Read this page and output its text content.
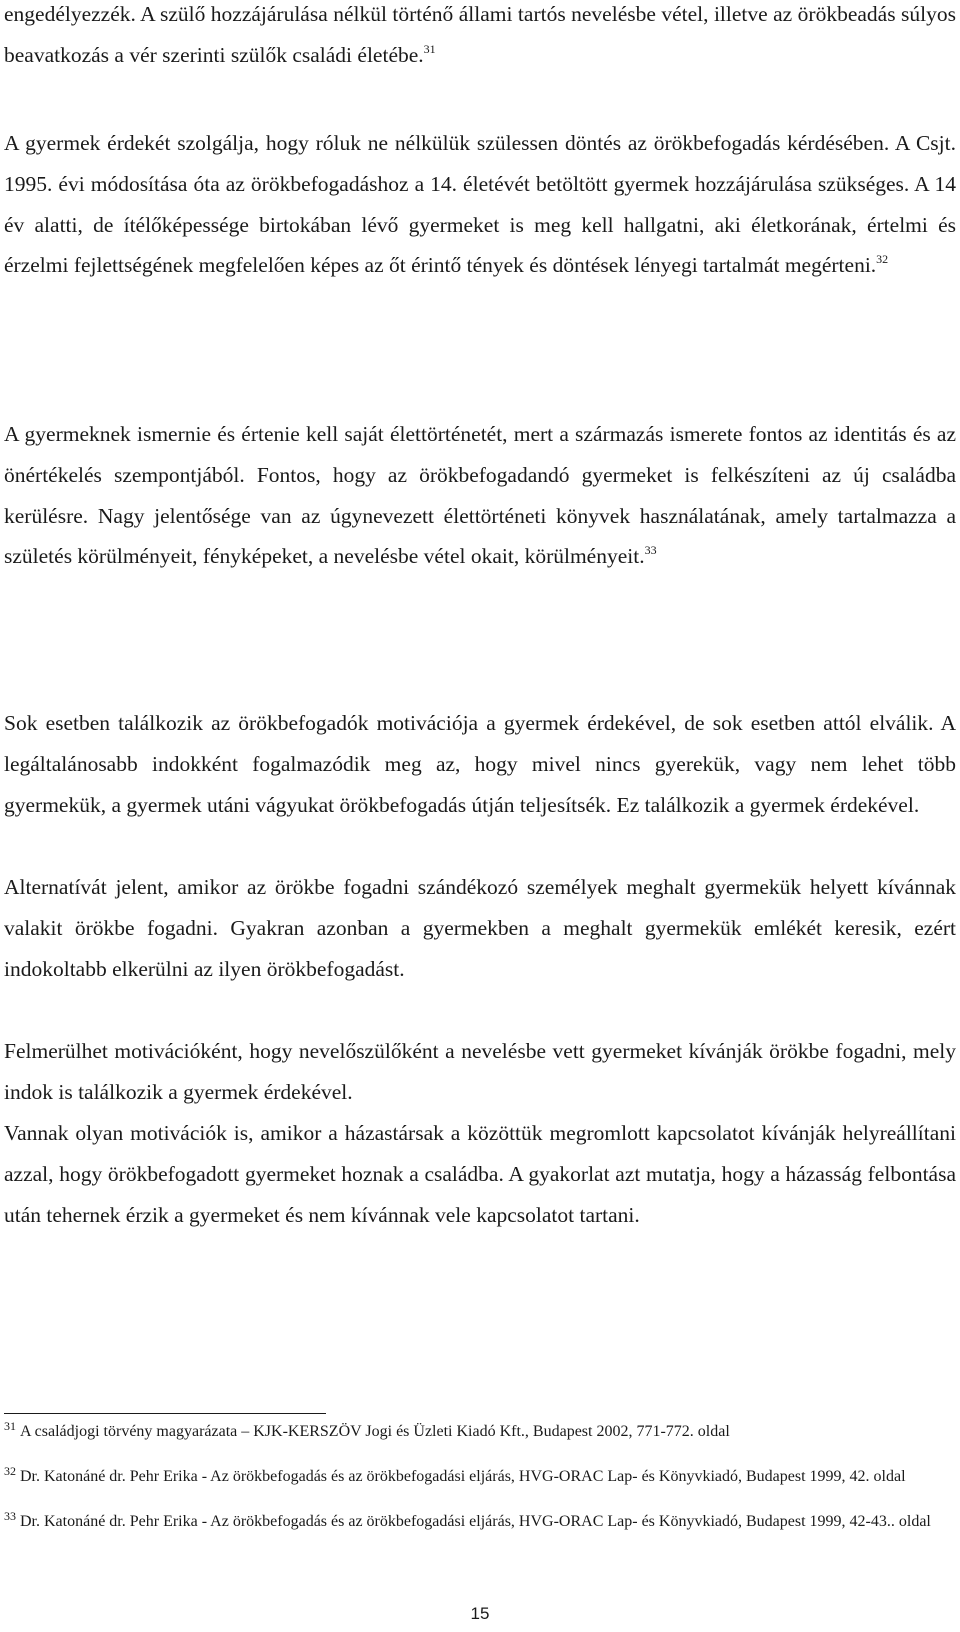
engedélyezzék. A szülő hozzájárulása nélkül történő állami tartós nevelésbe vétel, illetve az örökbeadás súlyos beavatkozás a vér szerinti szülők családi életébe.$^{31}$

A gyermek érdekét szolgálja, hogy róluk ne nélkülük szülessen döntés az örökbefogadás kérdésében. A Csjt. 1995. évi módosítása óta az örökbefogadáshoz a 14. életévét betöltött gyermek hozzájárulása szükséges. A 14 év alatti, de ítélőképessége birtokában lévő gyermeket is meg kell hallgatni, aki életkorának, értelmi és érzelmi fejlettségének megfelelően képes az őt érintő tények és döntések lényegi tartalmát megérteni.$^{32}$

A gyermeknek ismernie és értenie kell saját élettörténetét, mert a származás ismerete fontos az identitás és az önértékelés szempontjából. Fontos, hogy az örökbefogadandó gyermeket is felkészíteni az új családba kerülésre. Nagy jelentősége van az úgynevezett élettörténeti könyvek használatának, amely tartalmazza a születés körülményeit, fényképeket, a nevelésbe vétel okait, körülményeit.$^{33}$

Sok esetben találkozik az örökbefogadók motivációja a gyermek érdekével, de sok esetben attól elválik. A legáltalánosabb indokként fogalmazódik meg az, hogy mivel nincs gyerekük, vagy nem lehet több gyermekük, a gyermek utáni vágyukat örökbefogadás útján teljesítsék. Ez találkozik a gyermek érdekével.

Alternatívát jelent, amikor az örökbe fogadni szándékozó személyek meghalt gyermekük helyett kívánnak valakit örökbe fogadni. Gyakran azonban a gyermekben a meghalt gyermekük emlékét keresik, ezért indokoltabb elkerülni az ilyen örökbefogadást.

Felmerülhet motivációként, hogy nevelőszülőként a nevelésbe vett gyermeket kívánják örökbe fogadni, mely indok is találkozik a gyermek érdekével.

Vannak olyan motivációk is, amikor a házastársak a közöttük megromlott kapcsolatot kívánják helyreállítani azzal, hogy örökbefogadott gyermeket hoznak a családba. A gyakorlat azt mutatja, hogy a házasság felbontása után tehernek érzik a gyermeket és nem kívánnak vele kapcsolatot tartani.

$^{31}$ A családjogi törvény magyarázata – KJK-KERSZÖV Jogi és Üzleti Kiadó Kft., Budapest 2002, 771-772. oldal

$^{32}$ Dr. Katonáné dr. Pehr Erika - Az örökbefogadás és az örökbefogadási eljárás, HVG-ORAC Lap- és Könyvkiadó, Budapest 1999, 42. oldal

$^{33}$ Dr. Katonáné dr. Pehr Erika - Az örökbefogadás és az örökbefogadási eljárás, HVG-ORAC Lap- és Könyvkiadó, Budapest 1999, 42-43.. oldal

15
